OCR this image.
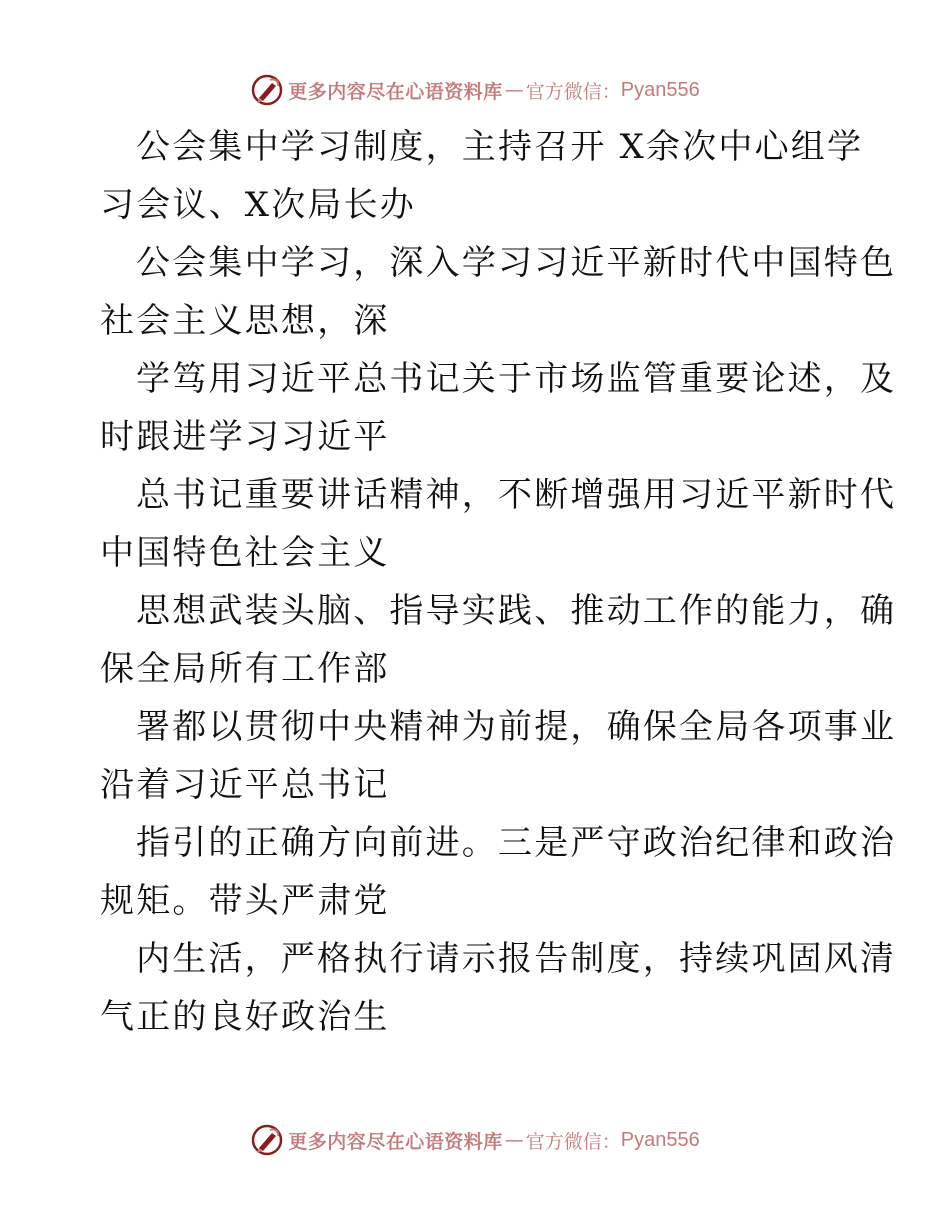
更多内容尽在心语资料库 — 官方微信： Pyan556
公会集中学习制度，主持召开 X余次中心组学
习会议、X次局长办
公会集中学习，深入学习习近平新时代中国特色
社会主义思想，深
学笃用习近平总书记关于市场监管重要论述，及
时跟进学习习近平
总书记重要讲话精神，不断增强用习近平新时代
中国特色社会主义
思想武装头脑、指导实践、推动工作的能力，确
保全局所有工作部
署都以贯彻中央精神为前提，确保全局各项事业
沿着习近平总书记
指引的正确方向前进。三是严守政治纪律和政治
规矩。带头严肃党
内生活，严格执行请示报告制度，持续巩固风清
气正的良好政治生
更多内容尽在心语资料库 — 官方微信： Pyan556
